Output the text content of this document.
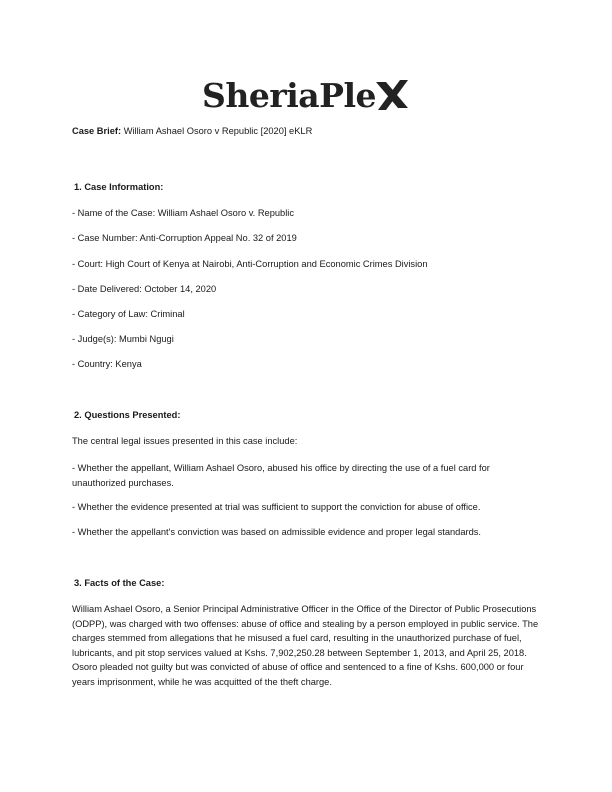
SheriaPle
Case Brief: William Ashael Osoro v Republic [2020] eKLR
1. Case Information:
- Name of the Case: William Ashael Osoro v. Republic
- Case Number: Anti-Corruption Appeal No. 32 of 2019
- Court: High Court of Kenya at Nairobi, Anti-Corruption and Economic Crimes Division
- Date Delivered: October 14, 2020
- Category of Law: Criminal
- Judge(s): Mumbi Ngugi
- Country: Kenya
2. Questions Presented:
The central legal issues presented in this case include:
- Whether the appellant, William Ashael Osoro, abused his office by directing the use of a fuel card for unauthorized purchases.
- Whether the evidence presented at trial was sufficient to support the conviction for abuse of office.
- Whether the appellant's conviction was based on admissible evidence and proper legal standards.
3. Facts of the Case:
William Ashael Osoro, a Senior Principal Administrative Officer in the Office of the Director of Public Prosecutions (ODPP), was charged with two offenses: abuse of office and stealing by a person employed in public service. The charges stemmed from allegations that he misused a fuel card, resulting in the unauthorized purchase of fuel, lubricants, and pit stop services valued at Kshs. 7,902,250.28 between September 1, 2013, and April 25, 2018. Osoro pleaded not guilty but was convicted of abuse of office and sentenced to a fine of Kshs. 600,000 or four years imprisonment, while he was acquitted of the theft charge.
